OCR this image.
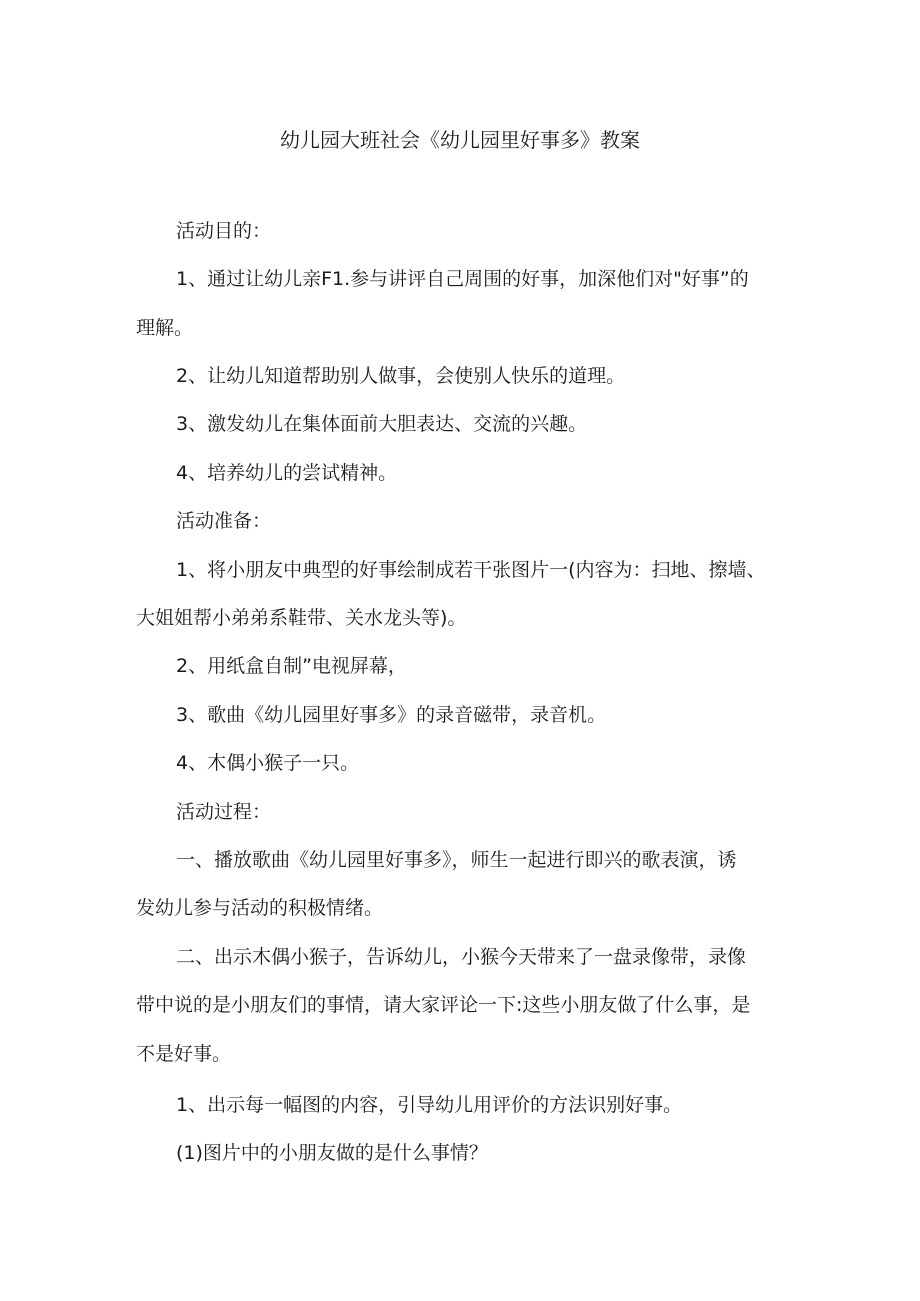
幼儿园大班社会《幼儿园里好事多》教案

活动目的：

1、通过让幼儿亲F1.参与讲评自己周围的好事，加深他们对"好事”的

理解。

2、让幼儿知道帮助别人做事，会使别人快乐的道理。

3、激发幼儿在集体面前大胆表达、交流的兴趣。

4、培养幼儿的尝试精神。

活动准备：

1、将小朋友中典型的好事绘制成若干张图片一(内容为：扫地、擦墙、

大姐姐帮小弟弟系鞋带、关水龙头等)。

2、用纸盒自制”电视屏幕，

3、歌曲《幼儿园里好事多》的录音磁带，录音机。

4、木偶小猴子一只。

活动过程：

一、播放歌曲《幼儿园里好事多》，师生一起进行即兴的歌表演，诱

发幼儿参与活动的积极情绪。

二、出示木偶小猴子，告诉幼儿，小猴今天带来了一盘录像带，录像

带中说的是小朋友们的事情，请大家评论一下:这些小朋友做了什么事，是

不是好事。

1、出示每一幅图的内容，引导幼儿用评价的方法识别好事。

(1)图片中的小朋友做的是什么事情？
